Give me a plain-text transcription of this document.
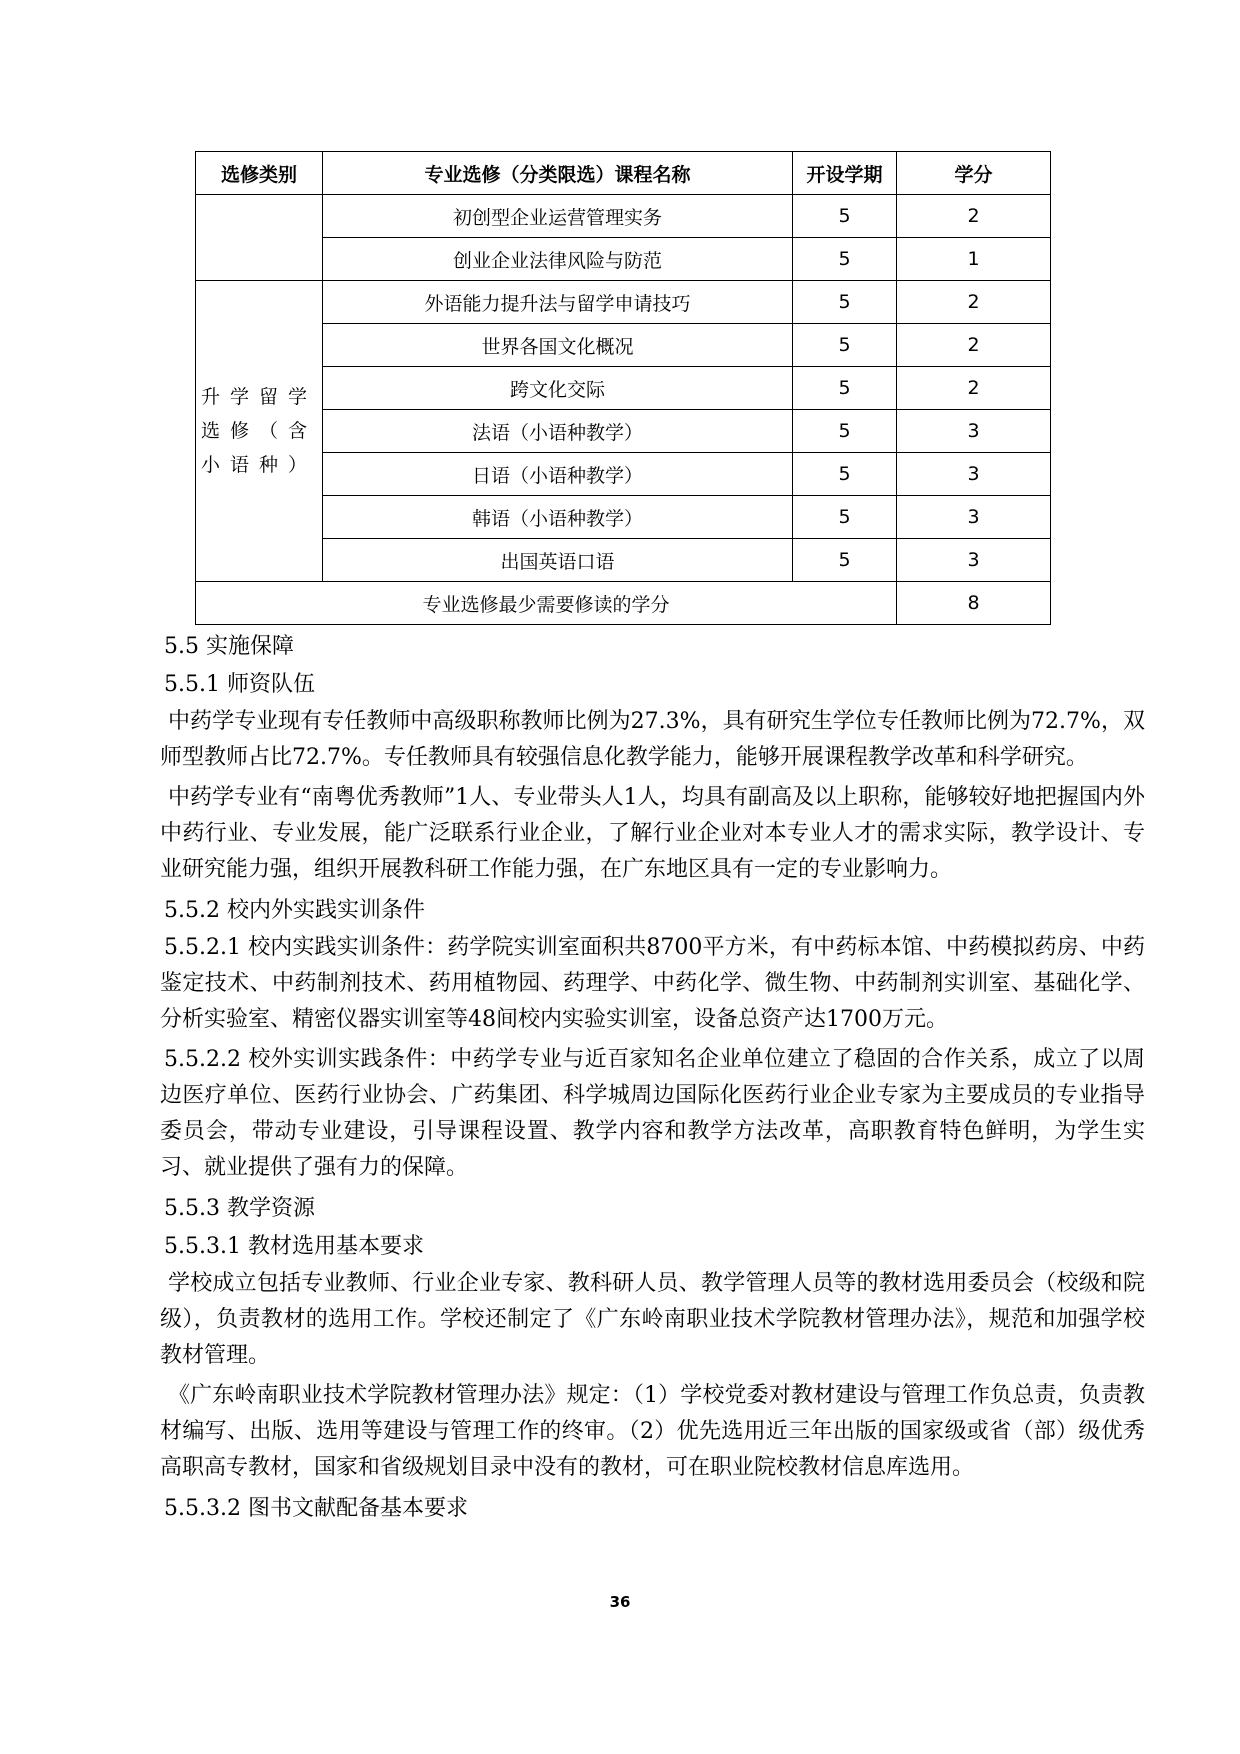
选修类别	专业选修（分类限选）课程名称	开设学期	学分
	初创型企业运营管理实务	5	2
	创业企业法律风险与防范	5	1
升学留学选修（含小语种）	外语能力提升法与留学申请技巧	5	2
	世界各国文化概况	5	2
	跨文化交际	5	2
	法语（小语种教学）	5	3
	日语（小语种教学）	5	3
	韩语（小语种教学）	5	3
	出国英语口语	5	3
专业选修最少需要修读的学分			8
5.5 实施保障
5.5.1 师资队伍

中药学专业现有专任教师中高级职称教师比例为27.3%，具有研究生学位专任教师比例为72.7%，双师型教师占比72.7%。专任教师具有较强信息化教学能力，能够开展课程教学改革和科学研究。

中药学专业有“南粤优秀教师”1人、专业带头人1人，均具有副高及以上职称，能够较好地把握国内外中药行业、专业发展，能广泛联系行业企业，了解行业企业对本专业人才的需求实际，教学设计、专业研究能力强，组织开展教科研工作能力强，在广东地区具有一定的专业影响力。

5.5.2 校内外实践实训条件

5.5.2.1 校内实践实训条件：药学院实训室面积共8700平方米，有中药标本馆、中药模拟药房、中药鉴定技术、中药制剂技术、药用植物园、药理学、中药化学、微生物、中药制剂实训室、基础化学、分析实验室、精密仪器实训室等48间校内实验实训室，设备总资产达1700万元。

5.5.2.2 校外实训实践条件：中药学专业与近百家知名企业单位建立了稳固的合作关系，成立了以周边医疗单位、医药行业协会、广药集团、科学城周边国际化医药行业企业专家为主要成员的专业指导委员会，带动专业建设，引导课程设置、教学内容和教学方法改革，高职教育特色鲜明，为学生实习、就业提供了强有力的保障。

5.5.3 教学资源
5.5.3.1 教材选用基本要求

学校成立包括专业教师、行业企业专家、教科研人员、教学管理人员等的教材选用委员会（校级和院级），负责教材的选用工作。学校还制定了《广东岭南职业技术学院教材管理办法》，规范和加强学校教材管理。

《广东岭南职业技术学院教材管理办法》规定：（1）学校党委对教材建设与管理工作负总责，负责教材编写、出版、选用等建设与管理工作的终审。（2）优先选用近三年出版的国家级或省（部）级优秀高职高专教材，国家和省级规划目录中没有的教材，可在职业院校教材信息库选用。

5.5.3.2 图书文献配备基本要求
36
